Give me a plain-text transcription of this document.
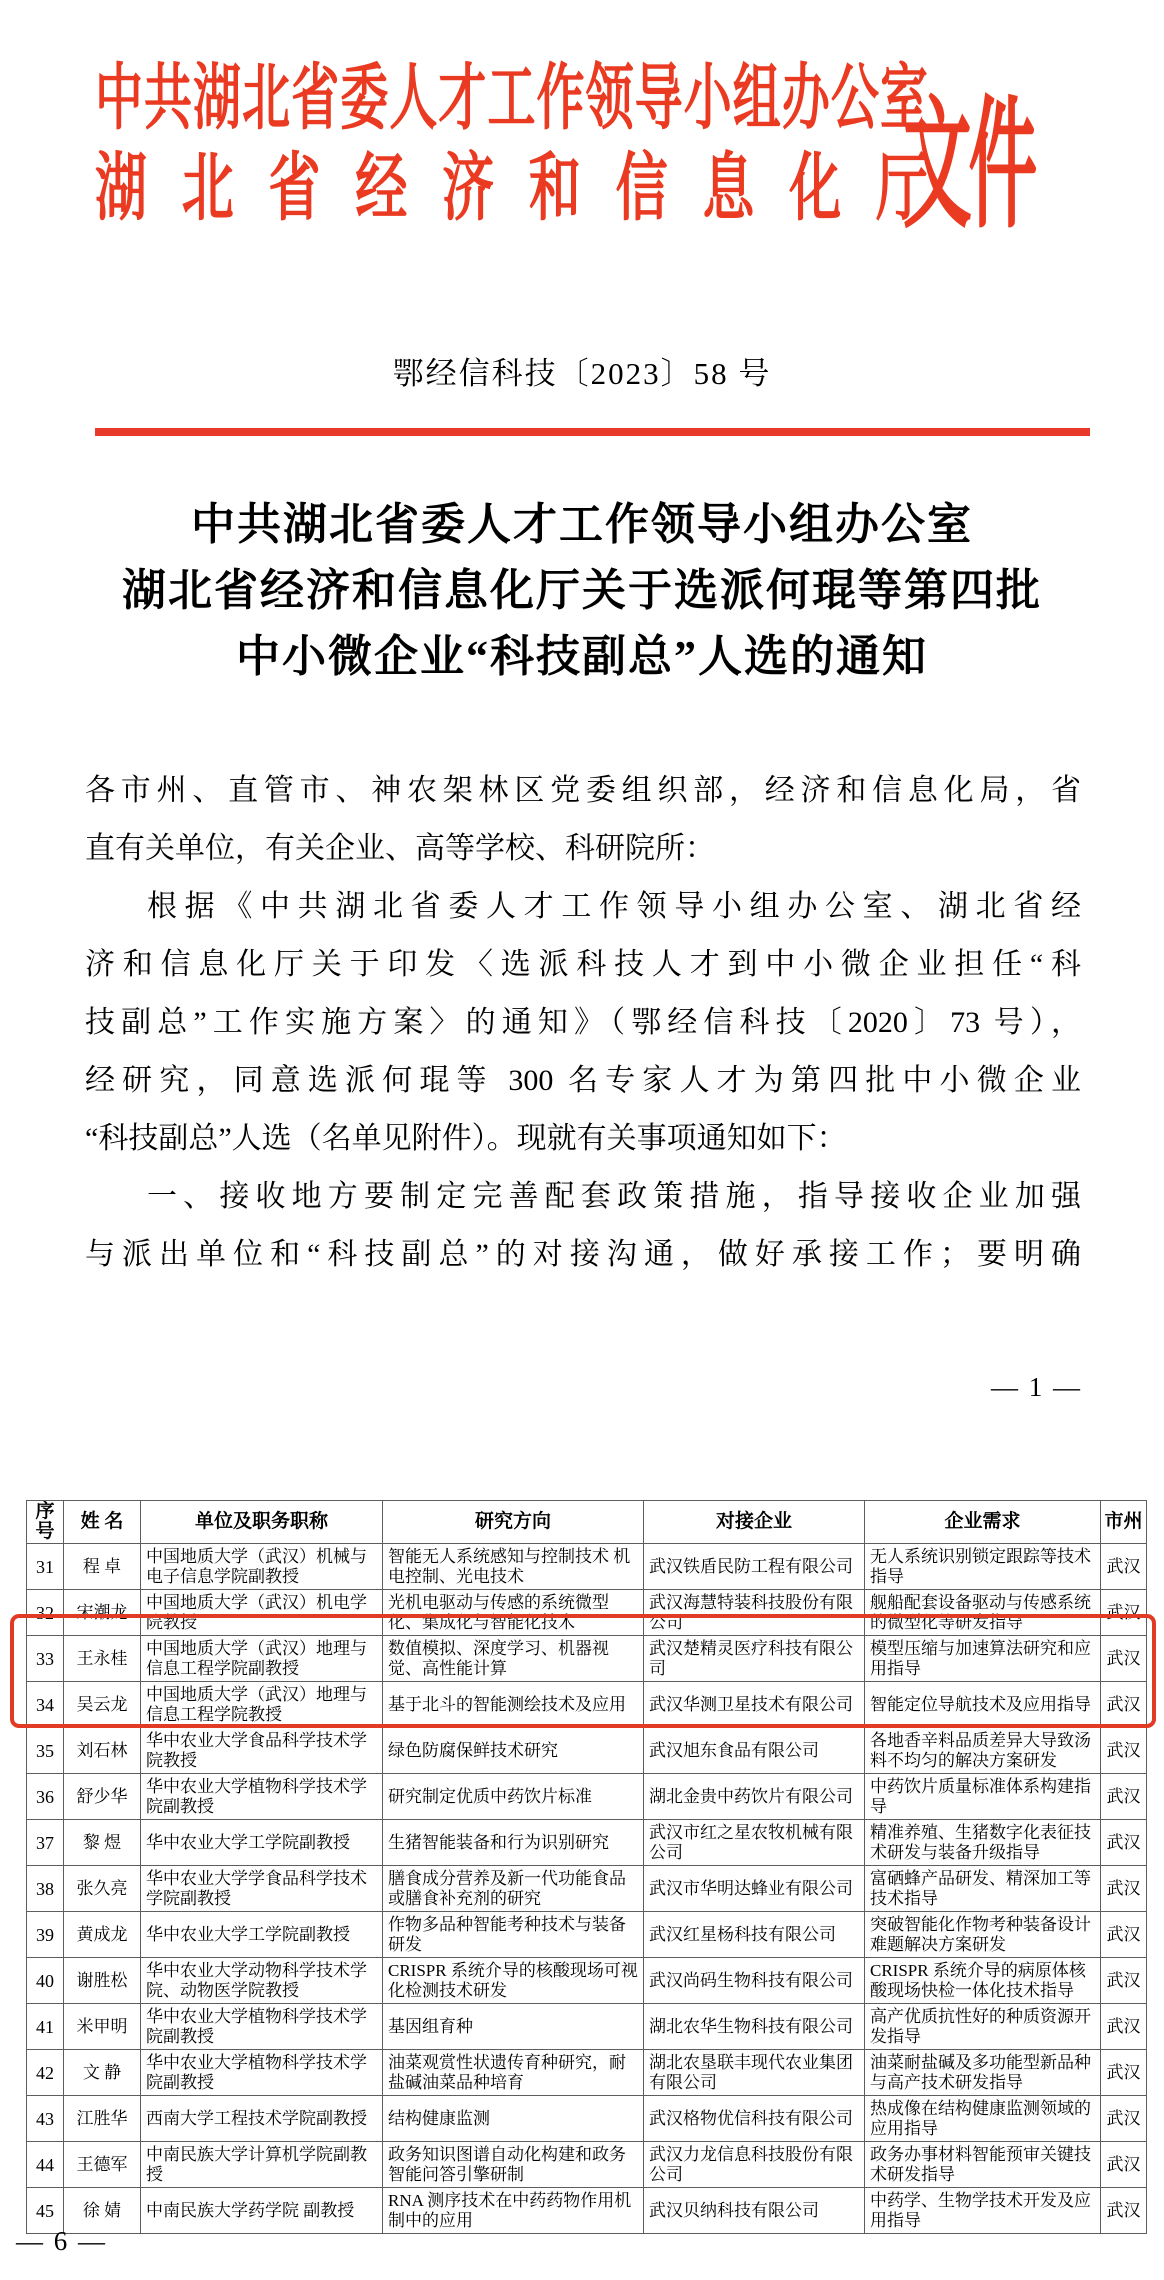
中共湖北省委人才工作领导小组办公室
湖北省经济和信息化厅
文件
鄂经信科技〔2023〕58 号
中共湖北省委人才工作领导小组办公室
湖北省经济和信息化厅关于选派何琨等第四批
中小微企业“科技副总”人选的通知
各市州、直管市、神农架林区党委组织部，经济和信息化局，省
直有关单位，有关企业、高等学校、科研院所：
根据《中共湖北省委人才工作领导小组办公室、湖北省经
济和信息化厅关于印发〈选派科技人才到中小微企业担任“科
技副总”工作实施方案〉的通知》（鄂经信科技〔2020〕73 号），
经研究，同意选派何琨等 300 名专家人才为第四批中小微企业
“科技副总”人选（名单见附件）。现就有关事项通知如下：
一、接收地方要制定完善配套政策措施，指导接收企业加强
与派出单位和“科技副总”的对接沟通，做好承接工作；要明确
— 1 —
序号	姓 名	单位及职务职称	研究方向	对接企业	企业需求	市州
31	程 卓	中国地质大学（武汉）机械与电子信息学院副教授	智能无人系统感知与控制技术 机电控制、光电技术	武汉铁盾民防工程有限公司	无人系统识别锁定跟踪等技术指导	武汉
32	宋潮龙	中国地质大学（武汉）机电学院教授	光机电驱动与传感的系统微型化、集成化与智能化技术	武汉海慧特装科技股份有限公司	舰船配套设备驱动与传感系统的微型化等研发指导	武汉
33	王永桂	中国地质大学（武汉）地理与信息工程学院副教授	数值模拟、深度学习、机器视觉、高性能计算	武汉楚精灵医疗科技有限公司	模型压缩与加速算法研究和应用指导	武汉
34	吴云龙	中国地质大学（武汉）地理与信息工程学院教授	基于北斗的智能测绘技术及应用	武汉华测卫星技术有限公司	智能定位导航技术及应用指导	武汉
35	刘石林	华中农业大学食品科学技术学院教授	绿色防腐保鲜技术研究	武汉旭东食品有限公司	各地香辛料品质差异大导致汤料不均匀的解决方案研发	武汉
36	舒少华	华中农业大学植物科学技术学院副教授	研究制定优质中药饮片标准	湖北金贵中药饮片有限公司	中药饮片质量标准体系构建指导	武汉
37	黎 煜	华中农业大学工学院副教授	生猪智能装备和行为识别研究	武汉市红之星农牧机械有限公司	精准养殖、生猪数字化表征技术研发与装备升级指导	武汉
38	张久亮	华中农业大学学食品科学技术学院副教授	膳食成分营养及新一代功能食品或膳食补充剂的研究	武汉市华明达蜂业有限公司	富硒蜂产品研发、精深加工等技术指导	武汉
39	黄成龙	华中农业大学工学院副教授	作物多品种智能考种技术与装备研发	武汉红星杨科技有限公司	突破智能化作物考种装备设计难题解决方案研发	武汉
40	谢胜松	华中农业大学动物科学技术学院、动物医学院教授	CRISPR 系统介导的核酸现场可视化检测技术研发	武汉尚码生物科技有限公司	CRISPR 系统介导的病原体核酸现场快检一体化技术指导	武汉
41	米甲明	华中农业大学植物科学技术学院副教授	基因组育种	湖北农华生物科技有限公司	高产优质抗性好的种质资源开发指导	武汉
42	文 静	华中农业大学植物科学技术学院副教授	油菜观赏性状遗传育种研究，耐盐碱油菜品种培育	湖北农垦联丰现代农业集团有限公司	油菜耐盐碱及多功能型新品种与高产技术研发指导	武汉
43	江胜华	西南大学工程技术学院副教授	结构健康监测	武汉格物优信科技有限公司	热成像在结构健康监测领域的应用指导	武汉
44	王德军	中南民族大学计算机学院副教授	政务知识图谱自动化构建和政务智能问答引擎研制	武汉力龙信息科技股份有限公司	政务办事材料智能预审关键技术研发指导	武汉
45	徐 婧	中南民族大学药学院 副教授	RNA 测序技术在中药药物作用机制中的应用	武汉贝纳科技有限公司	中药学、生物学技术开发及应用指导	武汉
— 6 —
